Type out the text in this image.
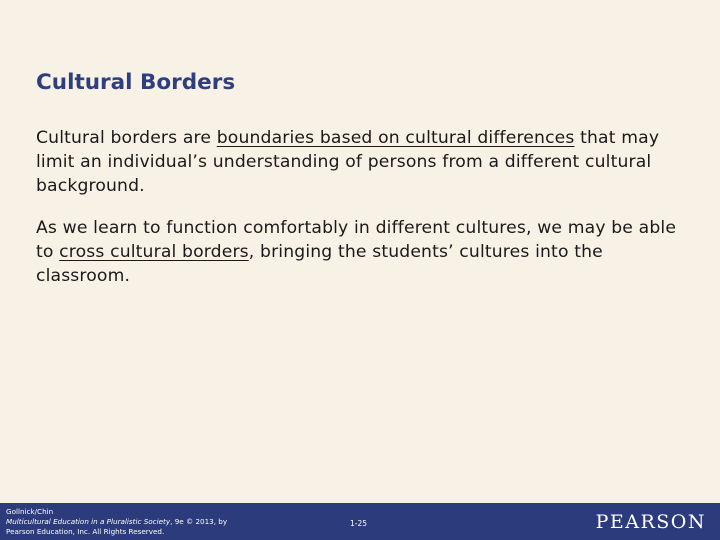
Cultural Borders

Cultural borders are boundaries based on cultural differences that may limit an individual’s understanding of persons from a different cultural background.

As we learn to function comfortably in different cultures, we may be able to cross cultural borders, bringing the students’ cultures into the classroom.

Gollnick/Chin
Multicultural Education in a Pluralistic Society, 9e © 2013, by
Pearson Education, Inc. All Rights Reserved.
1-25	PEARSON
